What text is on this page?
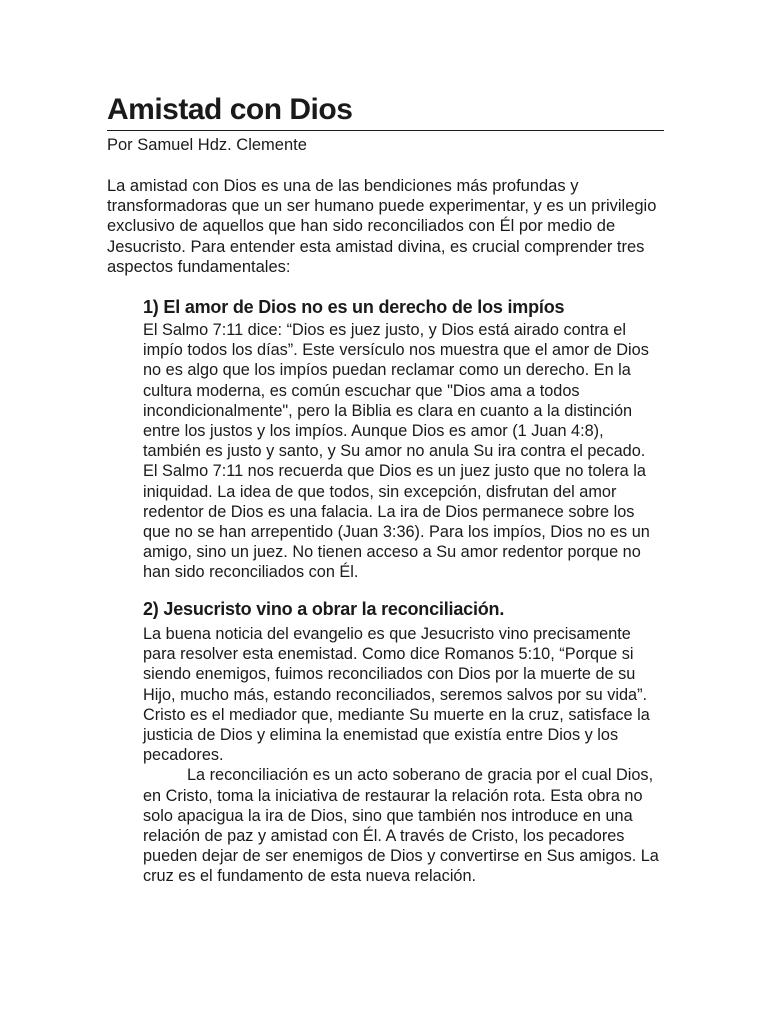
Amistad con Dios

Por Samuel Hdz. Clemente

La amistad con Dios es una de las bendiciones más profundas y transformadoras que un ser humano puede experimentar, y es un privilegio exclusivo de aquellos que han sido reconciliados con Él por medio de Jesucristo. Para entender esta amistad divina, es crucial comprender tres aspectos fundamentales:

1) El amor de Dios no es un derecho de los impíos

El Salmo 7:11 dice: “Dios es juez justo, y Dios está airado contra el impío todos los días”. Este versículo nos muestra que el amor de Dios no es algo que los impíos puedan reclamar como un derecho. En la cultura moderna, es común escuchar que "Dios ama a todos incondicionalmente", pero la Biblia es clara en cuanto a la distinción entre los justos y los impíos. Aunque Dios es amor (1 Juan 4:8), también es justo y santo, y Su amor no anula Su ira contra el pecado.

El Salmo 7:11 nos recuerda que Dios es un juez justo que no tolera la iniquidad. La idea de que todos, sin excepción, disfrutan del amor redentor de Dios es una falacia. La ira de Dios permanece sobre los que no se han arrepentido (Juan 3:36). Para los impíos, Dios no es un amigo, sino un juez. No tienen acceso a Su amor redentor porque no han sido reconciliados con Él.

2) Jesucristo vino a obrar la reconciliación.

La buena noticia del evangelio es que Jesucristo vino precisamente para resolver esta enemistad. Como dice Romanos 5:10, “Porque si siendo enemigos, fuimos reconciliados con Dios por la muerte de su Hijo, mucho más, estando reconciliados, seremos salvos por su vida”. Cristo es el mediador que, mediante Su muerte en la cruz, satisface la justicia de Dios y elimina la enemistad que existía entre Dios y los pecadores.

La reconciliación es un acto soberano de gracia por el cual Dios, en Cristo, toma la iniciativa de restaurar la relación rota. Esta obra no solo apacigua la ira de Dios, sino que también nos introduce en una relación de paz y amistad con Él. A través de Cristo, los pecadores pueden dejar de ser enemigos de Dios y convertirse en Sus amigos. La cruz es el fundamento de esta nueva relación.
